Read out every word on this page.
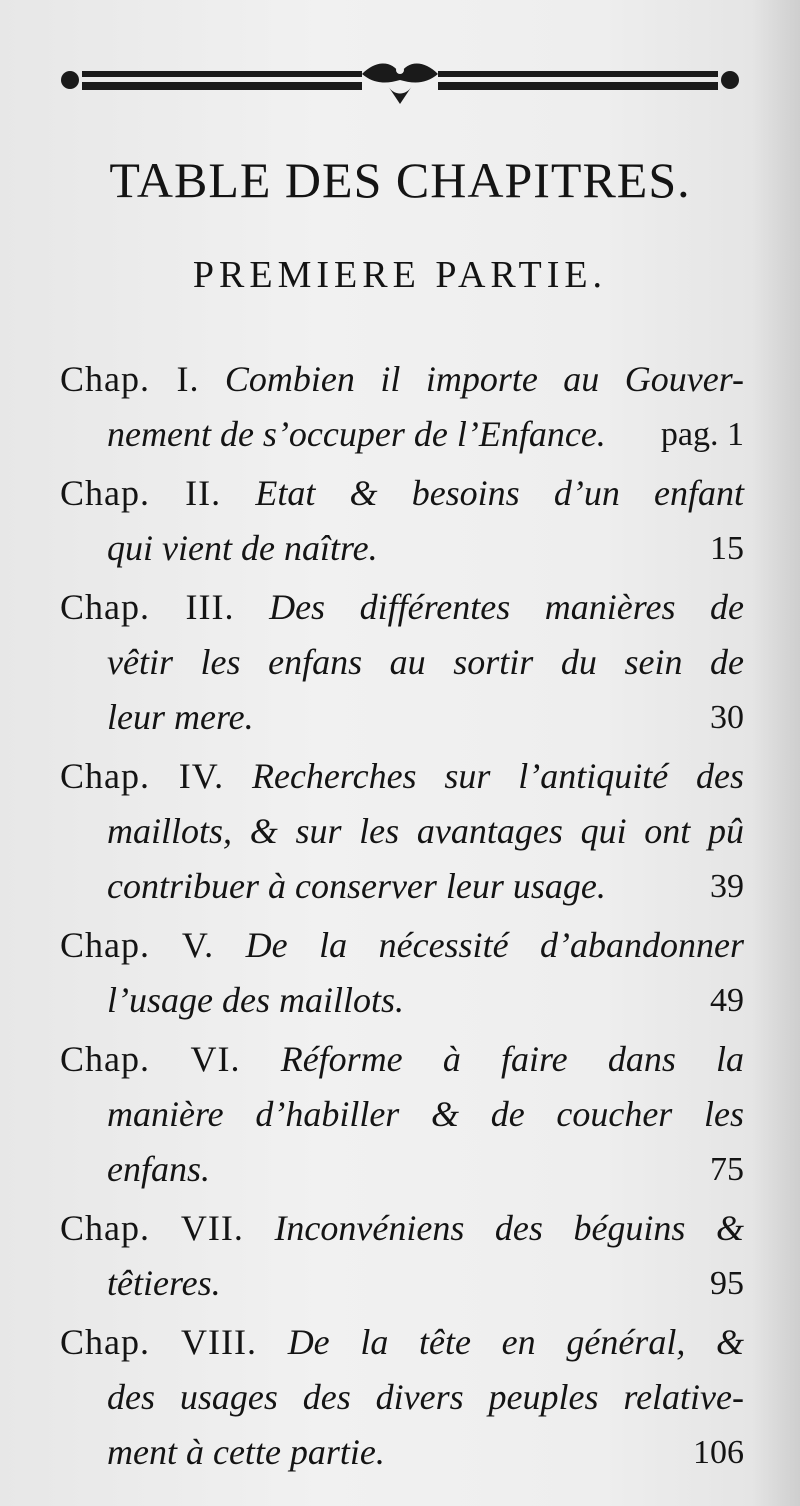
TABLE DES CHAPITRES.
PREMIERE PARTIE.
Chap. I. Combien il importe au Gouver-
nement de s’occuper de l’Enfance. pag. 1
Chap. II. Etat & besoins d’un enfant
qui vient de naître.	15
Chap. III. Des différentes manières de
vêtir les enfans au sortir du sein de
leur mere.	30
Chap. IV. Recherches sur l’antiquité des
maillots, & sur les avantages qui ont pû
contribuer à conserver leur usage.	39
Chap. V. De la nécessité d’abandonner
l’usage des maillots.	49
Chap. VI. Réforme à faire dans la
manière d’habiller & de coucher les
enfans.	75
Chap. VII. Inconvéniens des béguins &
têtieres.	95
Chap. VIII. De la tête en général, &
des usages des divers peuples relative-
ment à cette partie.	106
